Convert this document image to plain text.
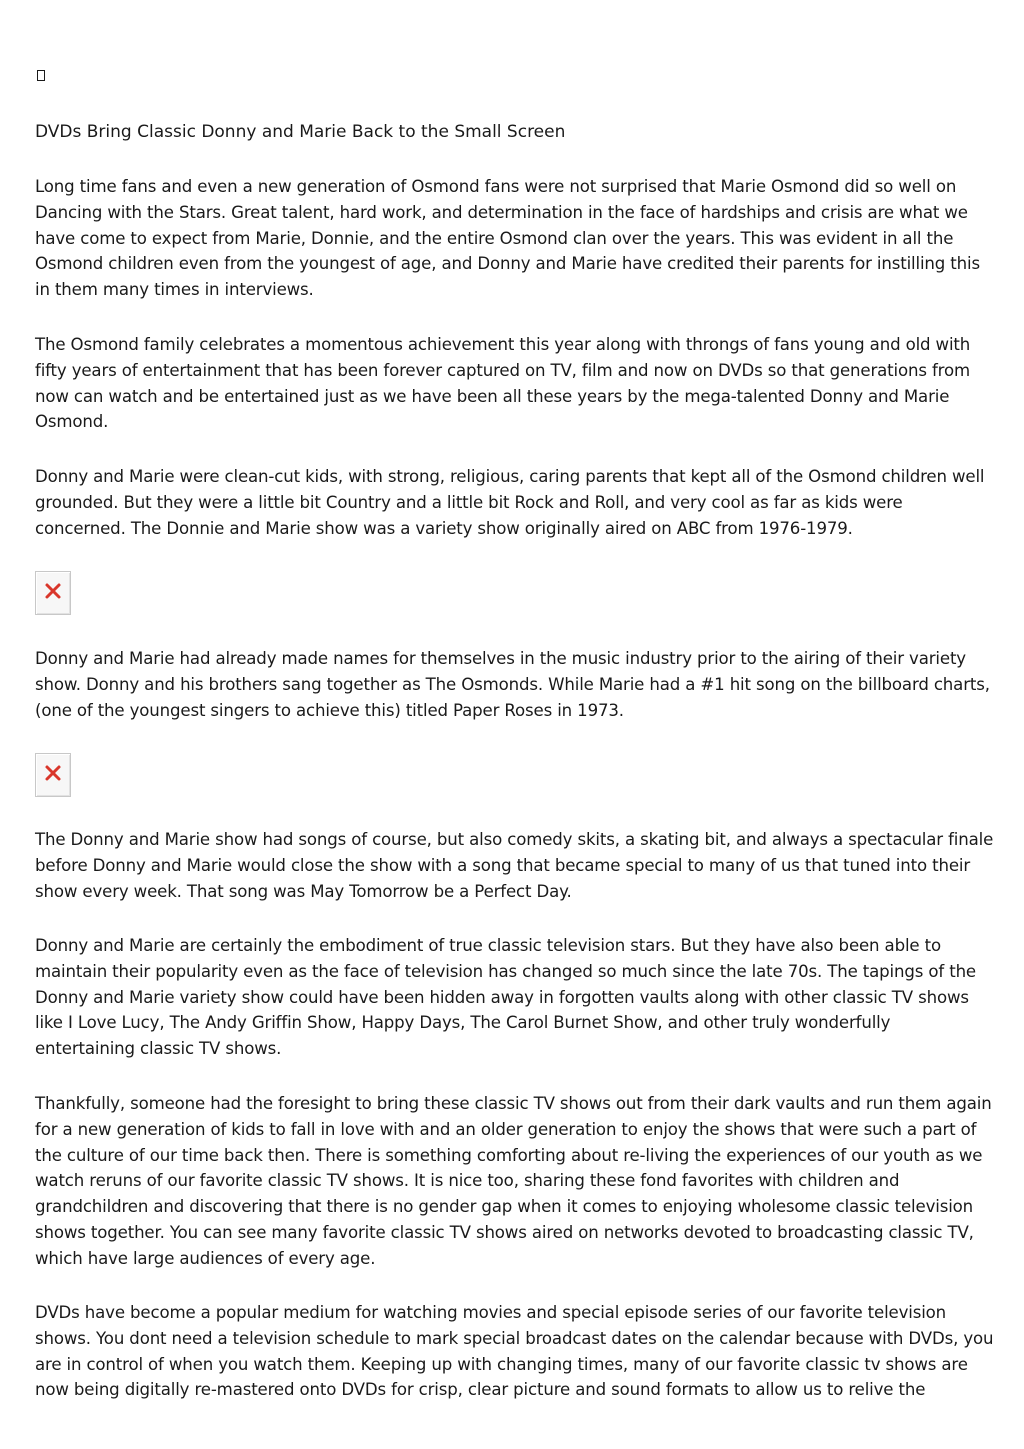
DVDs Bring Classic Donny and Marie Back to the Small Screen

Long time fans and even a new generation of Osmond fans were not surprised that Marie Osmond did so well on Dancing with the Stars. Great talent, hard work, and determination in the face of hardships and crisis are what we have come to expect from Marie, Donnie, and the entire Osmond clan over the years. This was evident in all the Osmond children even from the youngest of age, and Donny and Marie have credited their parents for instilling this in them many times in interviews.

The Osmond family celebrates a momentous achievement this year along with throngs of fans young and old with fifty years of entertainment that has been forever captured on TV, film and now on DVDs so that generations from now can watch and be entertained just as we have been all these years by the mega-talented Donny and Marie Osmond.

Donny and Marie were clean-cut kids, with strong, religious, caring parents that kept all of the Osmond children well grounded. But they were a little bit Country and a little bit Rock and Roll, and very cool as far as kids were concerned. The Donnie and Marie show was a variety show originally aired on ABC from 1976-1979.

Donny and Marie had already made names for themselves in the music industry prior to the airing of their variety show. Donny and his brothers sang together as The Osmonds. While Marie had a #1 hit song on the billboard charts, (one of the youngest singers to achieve this) titled Paper Roses in 1973.

The Donny and Marie show had songs of course, but also comedy skits, a skating bit, and always a spectacular finale before Donny and Marie would close the show with a song that became special to many of us that tuned into their show every week. That song was May Tomorrow be a Perfect Day.

Donny and Marie are certainly the embodiment of true classic television stars. But they have also been able to maintain their popularity even as the face of television has changed so much since the late 70s. The tapings of the Donny and Marie variety show could have been hidden away in forgotten vaults along with other classic TV shows like I Love Lucy, The Andy Griffin Show, Happy Days, The Carol Burnet Show, and other truly wonderfully entertaining classic TV shows.

Thankfully, someone had the foresight to bring these classic TV shows out from their dark vaults and run them again for a new generation of kids to fall in love with and an older generation to enjoy the shows that were such a part of the culture of our time back then. There is something comforting about re-living the experiences of our youth as we watch reruns of our favorite classic TV shows. It is nice too, sharing these fond favorites with children and grandchildren and discovering that there is no gender gap when it comes to enjoying wholesome classic television shows together. You can see many favorite classic TV shows aired on networks devoted to broadcasting classic TV, which have large audiences of every age.

DVDs have become a popular medium for watching movies and special episode series of our favorite television shows. You dont need a television schedule to mark special broadcast dates on the calendar because with DVDs, you are in control of when you watch them. Keeping up with changing times, many of our favorite classic tv shows are now being digitally re-mastered onto DVDs for crisp, clear picture and sound formats to allow us to relive the
